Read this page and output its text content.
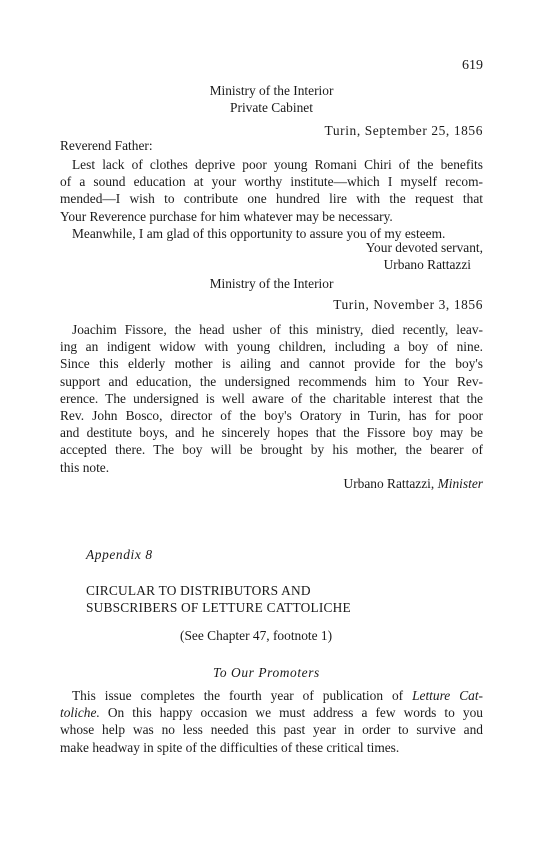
619
Ministry of the Interior
Private Cabinet
Turin, September 25, 1856
Reverend Father:
Lest lack of clothes deprive poor young Romani Chiri of the benefits
of a sound education at your worthy institute—which I myself recom-
mended—I wish to contribute one hundred lire with the request that
Your Reverence purchase for him whatever may be necessary.
Meanwhile, I am glad of this opportunity to assure you of my esteem.
Your devoted servant,
Urbano Rattazzi
Ministry of the Interior
Turin, November 3, 1856
Joachim Fissore, the head usher of this ministry, died recently, leav-
ing an indigent widow with young children, including a boy of nine.
Since this elderly mother is ailing and cannot provide for the boy's
support and education, the undersigned recommends him to Your Rev-
erence. The undersigned is well aware of the charitable interest that the
Rev. John Bosco, director of the boy's Oratory in Turin, has for poor
and destitute boys, and he sincerely hopes that the Fissore boy may be
accepted there. The boy will be brought by his mother, the bearer of
this note.
Urbano Rattazzi, Minister
Appendix 8
CIRCULAR TO DISTRIBUTORS AND
SUBSCRIBERS OF LETTURE CATTOLICHE
(See Chapter 47, footnote 1)
To Our Promoters
This issue completes the fourth year of publication of Letture Cat-
toliche. On this happy occasion we must address a few words to you
whose help was no less needed this past year in order to survive and
make headway in spite of the difficulties of these critical times.
